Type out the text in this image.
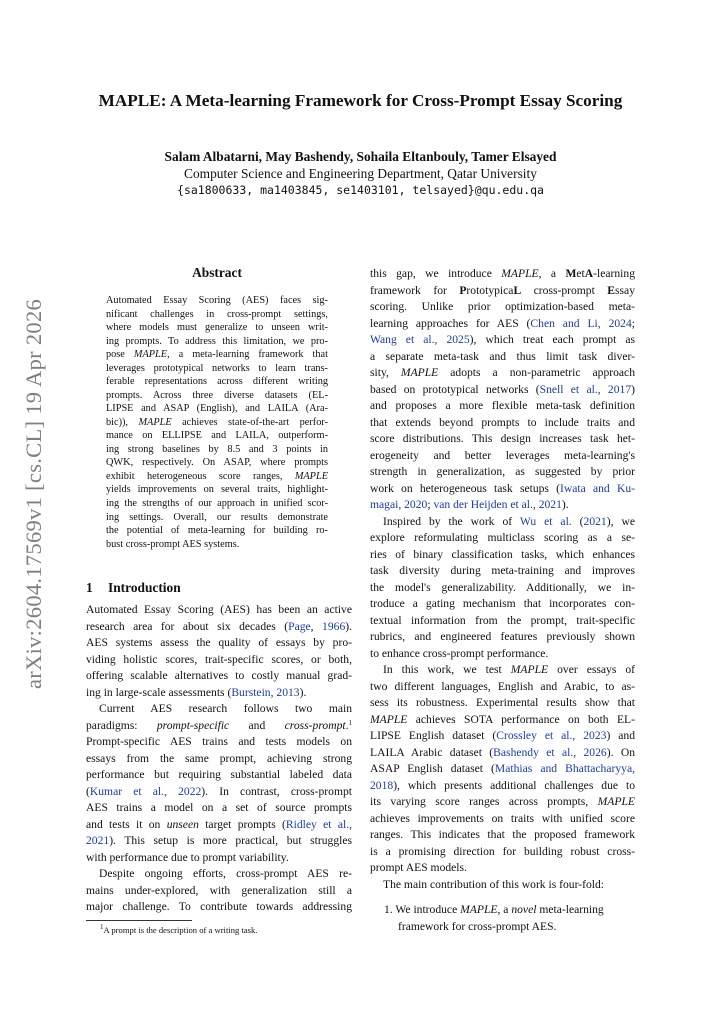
arXiv:2604.17569v1 [cs.CL] 19 Apr 2026
MAPLE: A Meta-learning Framework for Cross-Prompt Essay Scoring
Salam Albatarni, May Bashendy, Sohaila Eltanbouly, Tamer Elsayed
Computer Science and Engineering Department, Qatar University
{sa1800633, ma1403845, se1403101, telsayed}@qu.edu.qa
Abstract
Automated Essay Scoring (AES) faces sig-
nificant challenges in cross-prompt settings,
where models must generalize to unseen writ-
ing prompts. To address this limitation, we pro-
pose MAPLE, a meta-learning framework that
leverages prototypical networks to learn trans-
ferable representations across different writing
prompts. Across three diverse datasets (EL-
LIPSE and ASAP (English), and LAILA (Ara-
bic)), MAPLE achieves state-of-the-art perfor-
mance on ELLIPSE and LAILA, outperform-
ing strong baselines by 8.5 and 3 points in
QWK, respectively. On ASAP, where prompts
exhibit heterogeneous score ranges, MAPLE
yields improvements on several traits, highlight-
ing the strengths of our approach in unified scor-
ing settings. Overall, our results demonstrate
the potential of meta-learning for building ro-
bust cross-prompt AES systems.
1 Introduction
Automated Essay Scoring (AES) has been an active
research area for about six decades (Page, 1966).
AES systems assess the quality of essays by pro-
viding holistic scores, trait-specific scores, or both,
offering scalable alternatives to costly manual grad-
ing in large-scale assessments (Burstein, 2013).
Current AES research follows two main
paradigms: prompt-specific and cross-prompt.$^1$
Prompt-specific AES trains and tests models on
essays from the same prompt, achieving strong
performance but requiring substantial labeled data
(Kumar et al., 2022). In contrast, cross-prompt
AES trains a model on a set of source prompts
and tests it on unseen target prompts (Ridley et al.,
2021). This setup is more practical, but struggles
with performance due to prompt variability.
Despite ongoing efforts, cross-prompt AES re-
mains under-explored, with generalization still a
major challenge. To contribute towards addressing
this gap, we introduce MAPLE, a MetA-learning
framework for PrototypicaL cross-prompt Essay
scoring. Unlike prior optimization-based meta-
learning approaches for AES (Chen and Li, 2024;
Wang et al., 2025), which treat each prompt as
a separate meta-task and thus limit task diver-
sity, MAPLE adopts a non-parametric approach
based on prototypical networks (Snell et al., 2017)
and proposes a more flexible meta-task definition
that extends beyond prompts to include traits and
score distributions. This design increases task het-
erogeneity and better leverages meta-learning's
strength in generalization, as suggested by prior
work on heterogeneous task setups (Iwata and Ku-
magai, 2020; van der Heijden et al., 2021).
Inspired by the work of Wu et al. (2021), we
explore reformulating multiclass scoring as a se-
ries of binary classification tasks, which enhances
task diversity during meta-training and improves
the model's generalizability. Additionally, we in-
troduce a gating mechanism that incorporates con-
textual information from the prompt, trait-specific
rubrics, and engineered features previously shown
to enhance cross-prompt performance.
In this work, we test MAPLE over essays of
two different languages, English and Arabic, to as-
sess its robustness. Experimental results show that
MAPLE achieves SOTA performance on both EL-
LIPSE English dataset (Crossley et al., 2023) and
LAILA Arabic dataset (Bashendy et al., 2026). On
ASAP English dataset (Mathias and Bhattacharyya,
2018), which presents additional challenges due to
its varying score ranges across prompts, MAPLE
achieves improvements on traits with unified score
ranges. This indicates that the proposed framework
is a promising direction for building robust cross-
prompt AES models.
The main contribution of this work is four-fold:
1. We introduce MAPLE, a novel meta-learning
framework for cross-prompt AES.
$^1$A prompt is the description of a writing task.
